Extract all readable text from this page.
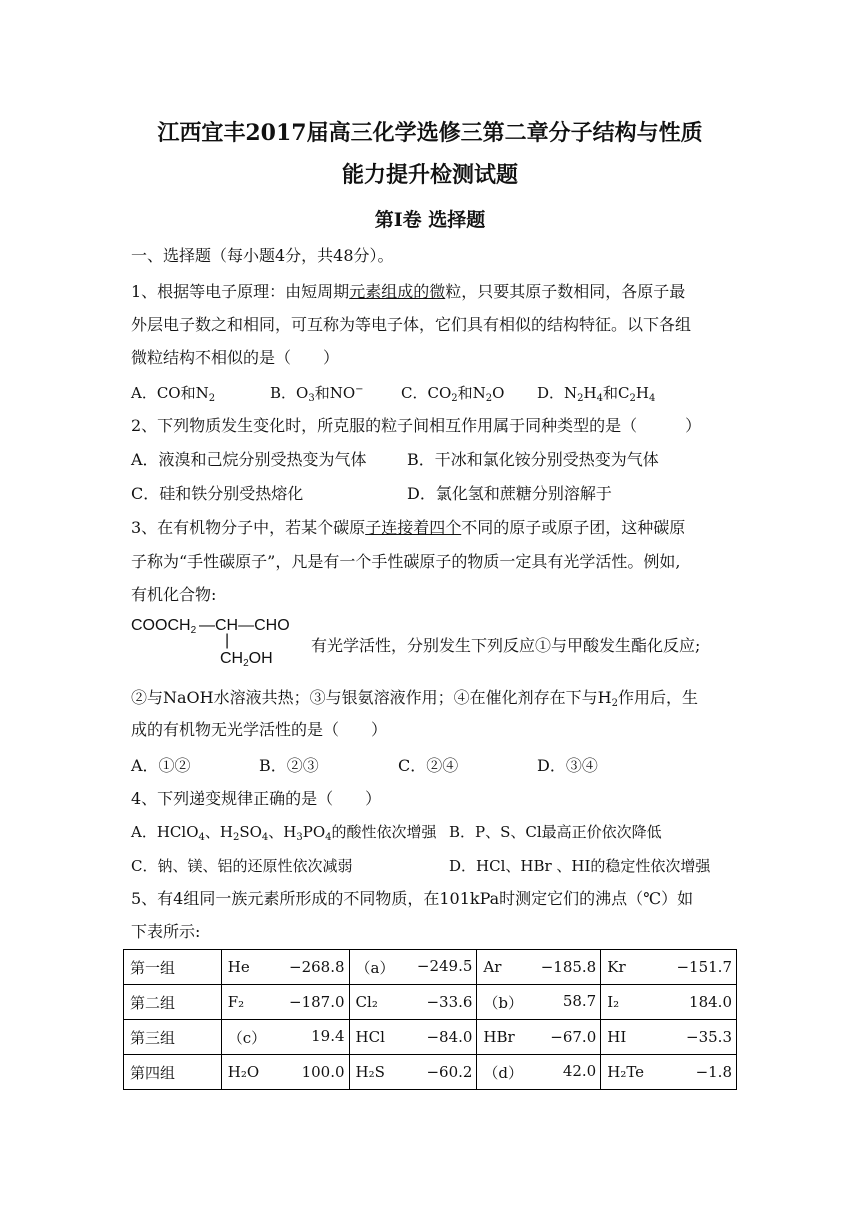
江西宜丰2017届高三化学选修三第二章分子结构与性质
能力提升检测试题
第Ⅰ卷 选择题
一、选择题（每小题4分，共48分）。
1、根据等电子原理：由短周期元素组成的微粒，只要其原子数相同，各原子最
外层电子数之和相同，可互称为等电子体，它们具有相似的结构特征。以下各组
微粒结构不相似的是（　　）
A．CO和$N_2$	B．$O_3$和NO− C．$CO_2$和$N_2O$ D．$N_2H_4$和$C_2H_4$
2、下列物质发生变化时，所克服的粒子间相互作用属于同种类型的是（　　　）
A．液溴和己烷分别受热变为气体	B．干冰和氯化铵分别受热变为气体
C．硅和铁分别受热熔化	D．氯化氢和蔗糖分别溶解于
3、在有机物分子中，若某个碳原子连接着四个不同的原子或原子团，这种碳原
子称为“手性碳原子”，凡是有一个手性碳原子的物质一定具有光学活性。例如,
有机化合物:
$COOCH_2$ —CH—CHO
|
$CH_2OH$
有光学活性，分别发生下列反应①与甲酸发生酯化反应;
②与NaOH水溶液共热；③与银氨溶液作用；④在催化剂存在下与$H_2$作用后，生
成的有机物无光学活性的是（　　）
A．①②	B．②③	C．②④	D．③④
4、下列递变规律正确的是（　　）
A．HClO$_4$、$H_2SO_4$、$H_3PO_4$的酸性依次增强 B．P、S、Cl最高正价依次降低
C．钠、镁、铝的还原性依次减弱	D．HCl、HBr 、HI的稳定性依次增强
5、有4组同一族元素所形成的不同物质，在101kPa时测定它们的沸点（℃）如
下表所示:
第一组	He −268.8	（a） −249.5	Ar −185.8	Kr −151.7

第二组	F₂ −187.0	Cl₂ −33.6	（b） 58.7	I₂ 184.0

第三组	（c） 19.4	HCl −84.0	HBr −67.0	HI −35.3

第四组	H₂O 100.0	H₂S −60.2	（d） 42.0	H₂Te −1.8
